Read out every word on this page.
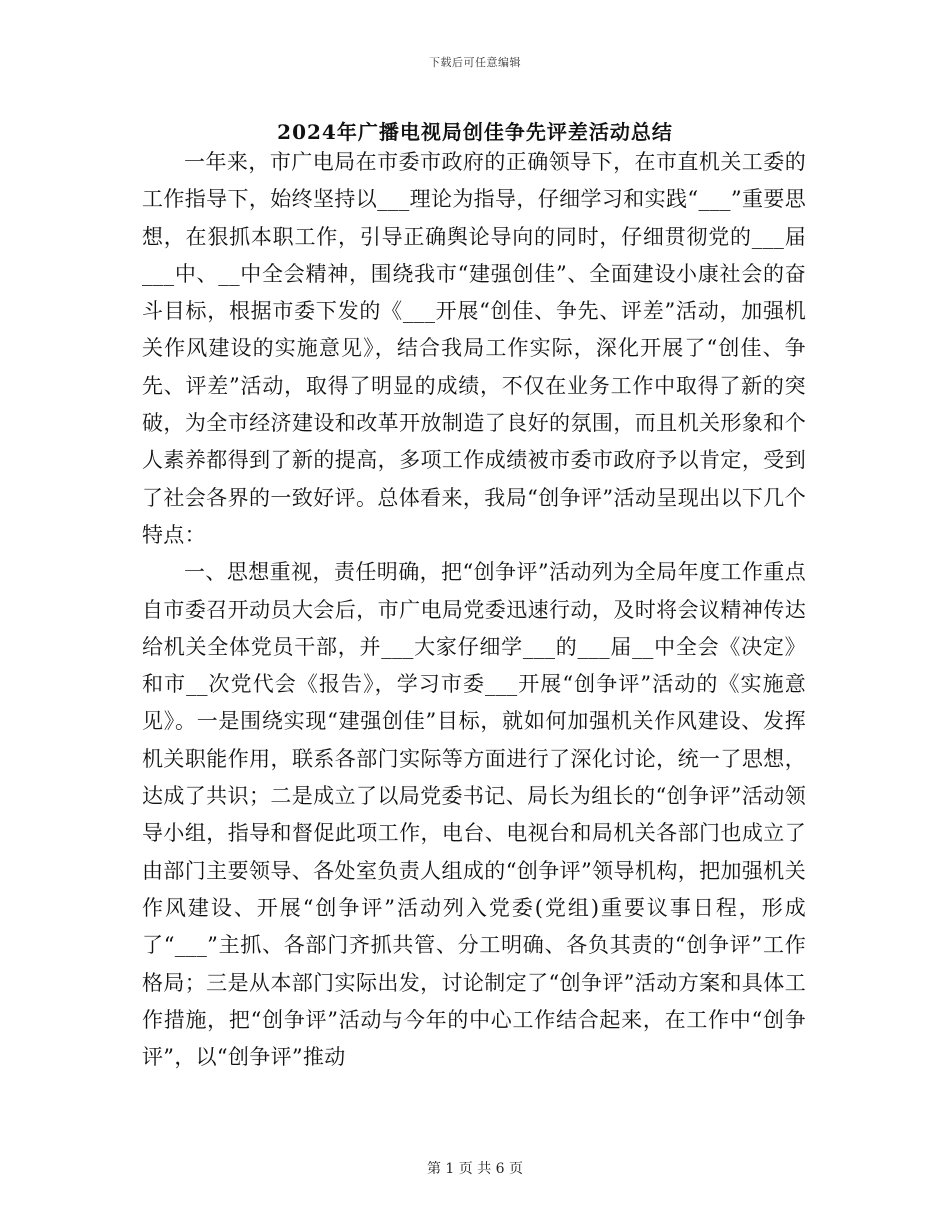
下载后可任意编辑
2024年广播电视局创佳争先评差活动总结

一年来，市广电局在市委市政府的正确领导下，在市直机关工委的工作指导下，始终坚持以___理论为指导，仔细学习和实践“___”重要思想，在狠抓本职工作，引导正确舆论导向的同时，仔细贯彻党的___届___中、__中全会精神，围绕我市“建强创佳”、全面建设小康社会的奋斗目标，根据市委下发的《___开展“创佳、争先、评差”活动，加强机关作风建设的实施意见》，结合我局工作实际，深化开展了“创佳、争先、评差”活动，取得了明显的成绩，不仅在业务工作中取得了新的突破，为全市经济建设和改革开放制造了良好的氛围，而且机关形象和个人素养都得到了新的提高，多项工作成绩被市委市政府予以肯定，受到了社会各界的一致好评。总体看来，我局“创争评”活动呈现出以下几个特点：

一、思想重视，责任明确，把“创争评”活动列为全局年度工作重点　自市委召开动员大会后，市广电局党委迅速行动，及时将会议精神传达给机关全体党员干部，并___大家仔细学___的___届__中全会《决定》和市__次党代会《报告》，学习市委___开展“创争评”活动的《实施意见》。一是围绕实现“建强创佳”目标，就如何加强机关作风建设、发挥机关职能作用，联系各部门实际等方面进行了深化讨论，统一了思想，达成了共识；二是成立了以局党委书记、局长为组长的“创争评”活动领导小组，指导和督促此项工作，电台、电视台和局机关各部门也成立了由部门主要领导、各处室负责人组成的“创争评”领导机构，把加强机关作风建设、开展“创争评”活动列入党委(党组)重要议事日程，形成了“___”主抓、各部门齐抓共管、分工明确、各负其责的“创争评”工作格局；三是从本部门实际出发，讨论制定了“创争评”活动方案和具体工作措施，把“创争评”活动与今年的中心工作结合起来，在工作中“创争评”，以“创争评”推动

第 1 页 共 6 页
